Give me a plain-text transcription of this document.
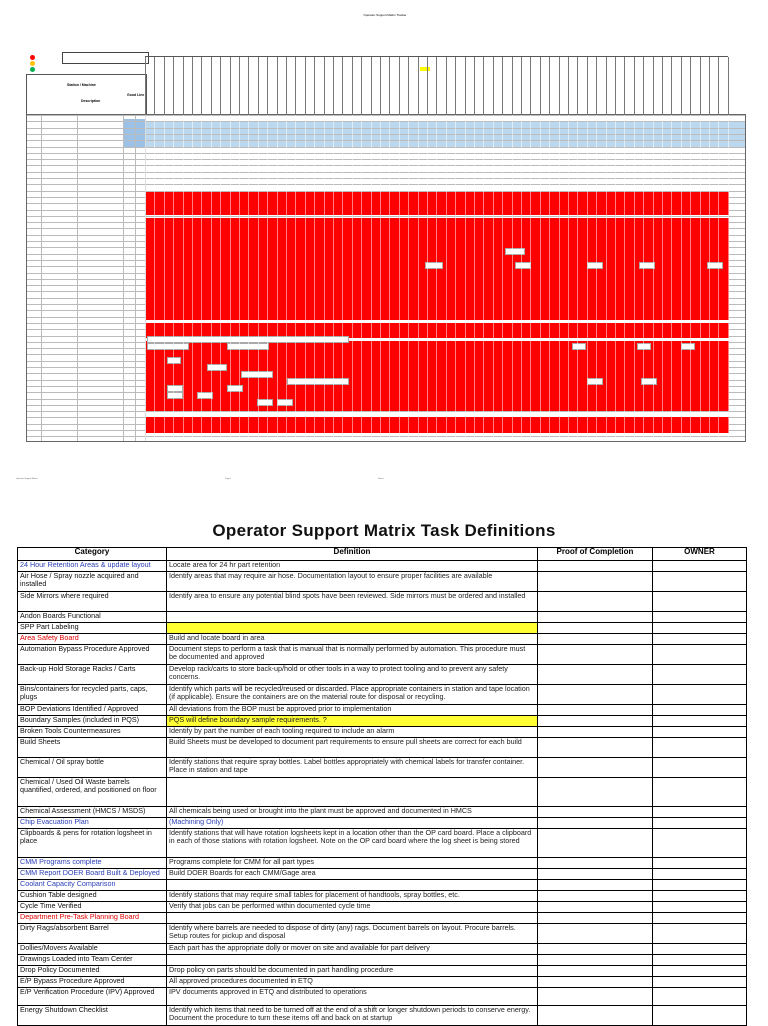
Operator Support Matrix Tracker
Station / Machine
Description
Good Line
Operator Support Matrix	Page 1	Status
Operator Support Matrix Task Definitions
Category	Definition	Proof of Completion	OWNER
24 Hour Retention Areas & update layout	Locate area for 24 hr part retention		
Air Hose / Spray nozzle acquired and installed	Identify areas that may require air hose. Documentation layout to ensure proper facilities are available		
Side Mirrors where required	Identify area to ensure any potential blind spots have been reviewed. Side mirrors must be ordered and installed		
Andon Boards Functional			
SPP Part Labeling			
Area Safety Board	Build and locate board in area		
Automation Bypass Procedure Approved	Document steps to perform a task that is manual that is normally performed by automation. This procedure must be documented and approved		
Back-up Hold Storage Racks / Carts	Develop rack/carts to store back-up/hold or other tools in a way to protect tooling and to prevent any safety concerns.		
Bins/containers for recycled parts, caps, plugs	Identify which parts will be recycled/reused or discarded. Place appropriate containers in station and tape location (if applicable). Ensure the containers are on the material route for disposal or recycling.		
BOP Deviations Identified / Approved	All deviations from the BOP must be approved prior to implementation		
Boundary Samples (included in PQS)	PQS will define boundary sample requirements. ?		
Broken Tools Countermeasures	Identify by part the number of each tooling required to include an alarm		
Build Sheets	Build Sheets must be developed to document part requirements to ensure pull sheets are correct for each build		
Chemical / Oil spray bottle	Identify stations that require spray bottles. Label bottles appropriately with chemical labels for transfer container. Place in station and tape		
Chemical / Used Oil Waste barrels quantified, ordered, and positioned on floor			
Chemical Assessment (HMCS / MSDS)	All chemicals being used or brought into the plant must be approved and documented in HMCS		
Chip Evacuation Plan	(Machining Only)		
Clipboards & pens for rotation logsheet in place	Identify stations that will have rotation logsheets kept in a location other than the OP card board. Place a clipboard in each of those stations with rotation logsheet. Note on the OP card board where the log sheet is being stored		
CMM Programs complete	Programs complete for CMM for all part types		
CMM Report DOER Board Built & Deployed	Build DOER Boards for each CMM/Gage area		
Coolant Capacity Comparison			
Cushion Table designed	Identify stations that may require small tables for placement of handtools, spray bottles, etc.		
Cycle Time Verified	Verify that jobs can be performed within documented cycle time		
Department Pre-Task Planning Board			
Dirty Rags/absorbent Barrel	Identify where barrels are needed to dispose of dirty (any) rags. Document barrels on layout. Procure barrels. Setup routes for pickup and disposal		
Dollies/Movers Available	Each part has the appropriate dolly or mover on site and available for part delivery		
Drawings Loaded into Team Center			
Drop Policy Documented	Drop policy on parts should be documented in part handling procedure		
E/P Bypass Procedure Approved	All approved procedures documented in ETQ		
E/P Verification Procedure (IPV) Approved	IPV documents approved in ETQ and distributed to operations		
Energy Shutdown Checklist	Identify which items that need to be turned off at the end of a shift or longer shutdown periods to conserve energy. Document the procedure to turn these items off and back on at startup		
